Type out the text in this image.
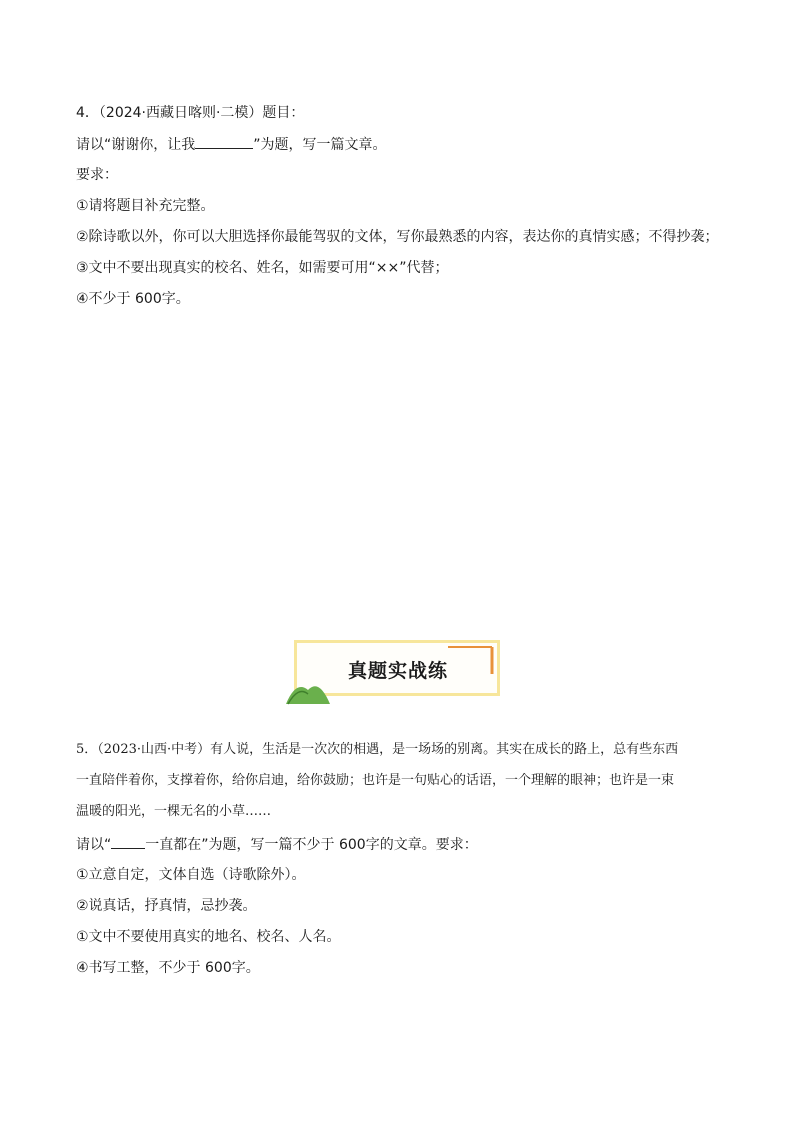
4．（2024·西藏日喀则·二模）题目：
请以“谢谢你，让我	”为题，写一篇文章。
要求：
①请将题目补充完整。
②除诗歌以外，你可以大胆选择你最能驾驭的文体，写你最熟悉的内容，表达你的真情实感；不得抄袭；
③文中不要出现真实的校名、姓名，如需要可用“××”代替；
④不少于 600字。
真题实战练
5．（2023·山西·中考）有人说，生活是一次次的相遇，是一场场的别离。其实在成长的路上，总有些东西
一直陪伴着你，支撑着你，给你启迪，给你鼓励；也许是一句贴心的话语，一个理解的眼神；也许是一束
温暖的阳光，一棵无名的小草……
请以“ 一直都在”为题，写一篇不少于 600字的文章。要求：
①立意自定，文体自选（诗歌除外）。
②说真话，抒真情，忌抄袭。
①文中不要使用真实的地名、校名、人名。
④书写工整，不少于 600字。
